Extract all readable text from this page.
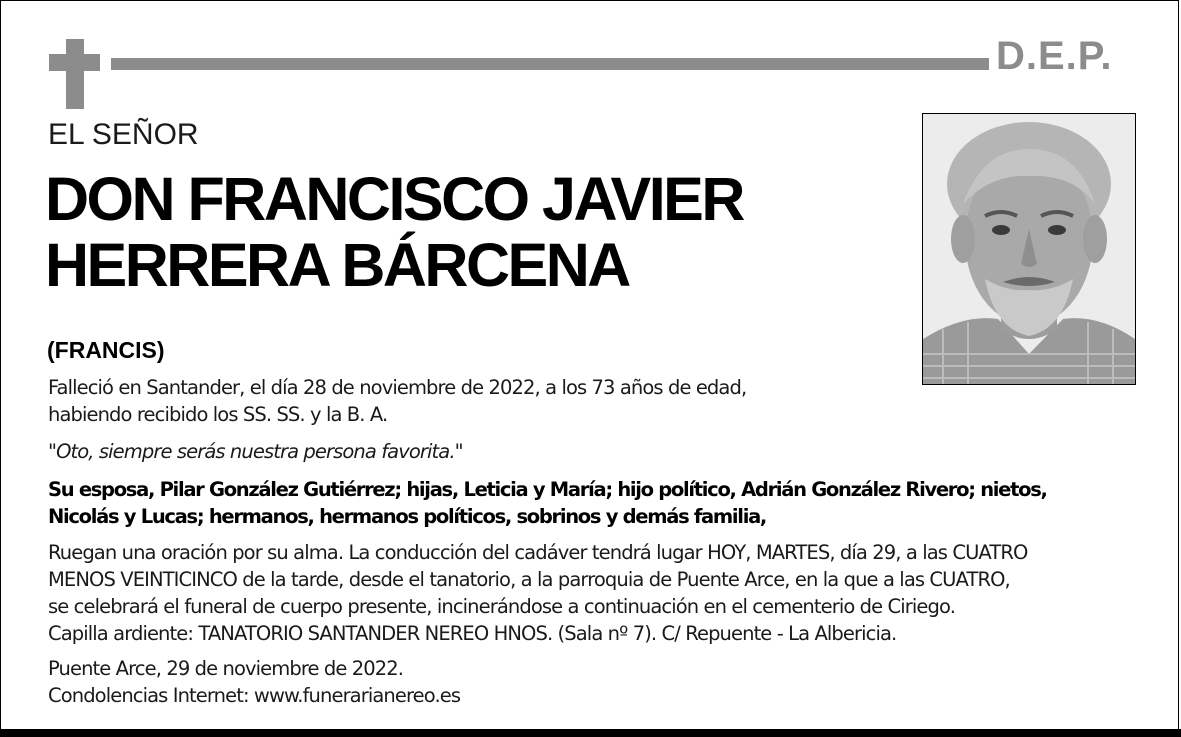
D.E.P.
EL SEÑOR
DON FRANCISCO JAVIER
HERRERA BÁRCENA
(FRANCIS)
Falleció en Santander, el día 28 de noviembre de 2022, a los 73 años de edad,
habiendo recibido los SS. SS. y la B. A.
"Oto, siempre serás nuestra persona favorita."
Su esposa, Pilar González Gutiérrez; hijas, Leticia y María; hijo político, Adrián González Rivero; nietos,
Nicolás y Lucas; hermanos, hermanos políticos, sobrinos y demás familia,
Ruegan una oración por su alma. La conducción del cadáver tendrá lugar HOY, MARTES, día 29, a las CUATRO
MENOS VEINTICINCO de la tarde, desde el tanatorio, a la parroquia de Puente Arce, en la que a las CUATRO,
se celebrará el funeral de cuerpo presente, incinerándose a continuación en el cementerio de Ciriego.
Capilla ardiente: TANATORIO SANTANDER NEREO HNOS. (Sala nº 7). C/ Repuente - La Albericia.
Puente Arce, 29 de noviembre de 2022.
Condolencias Internet: www.funerarianereo.es
